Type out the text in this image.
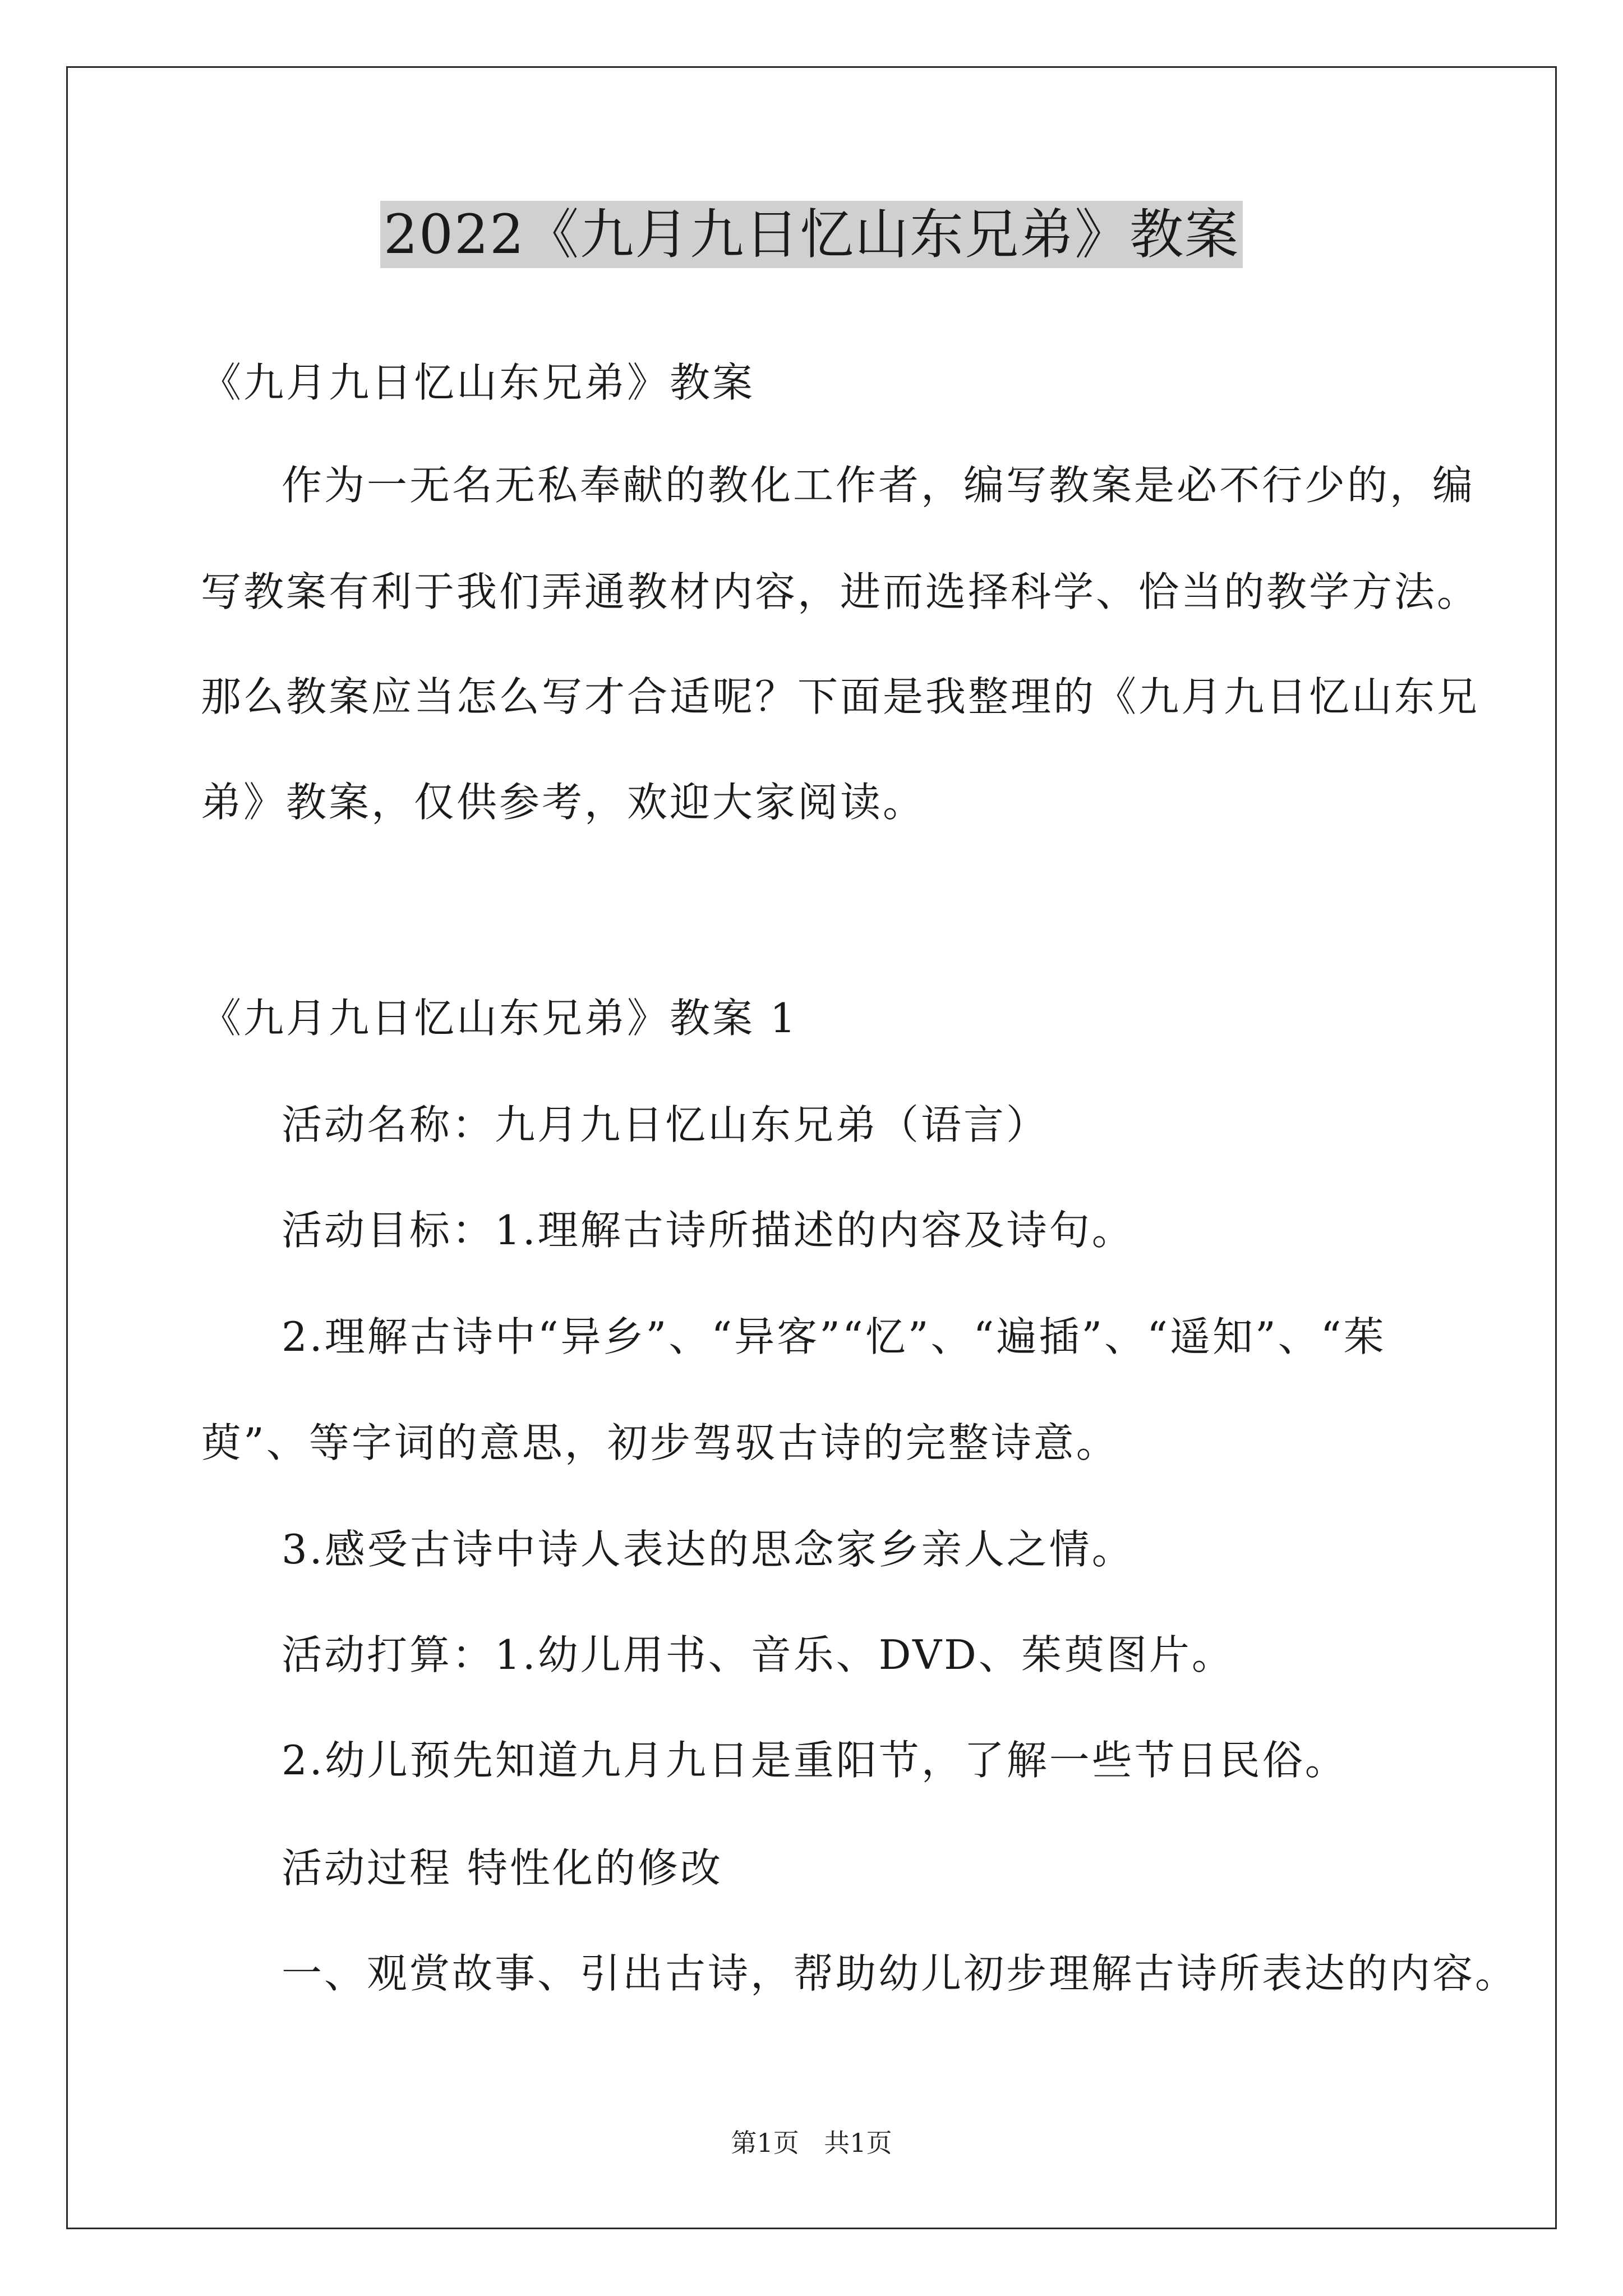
2022《九月九日忆山东兄弟》教案
《九月九日忆山东兄弟》教案
作为一无名无私奉献的教化工作者，编写教案是必不行少的，编
写教案有利于我们弄通教材内容，进而选择科学、恰当的教学方法。
那么教案应当怎么写才合适呢？下面是我整理的《九月九日忆山东兄
弟》教案，仅供参考，欢迎大家阅读。
《九月九日忆山东兄弟》教案 1
活动名称：九月九日忆山东兄弟（语言）
活动目标：1.理解古诗所描述的内容及诗句。
2.理解古诗中“异乡”、“异客”“忆”、“遍插”、“遥知”、“茱
萸”、等字词的意思，初步驾驭古诗的完整诗意。
3.感受古诗中诗人表达的思念家乡亲人之情。
活动打算：1.幼儿用书、音乐、DVD、茱萸图片。
2.幼儿预先知道九月九日是重阳节，了解一些节日民俗。
活动过程 特性化的修改
一、观赏故事、引出古诗，帮助幼儿初步理解古诗所表达的内容。
第1页 共1页
